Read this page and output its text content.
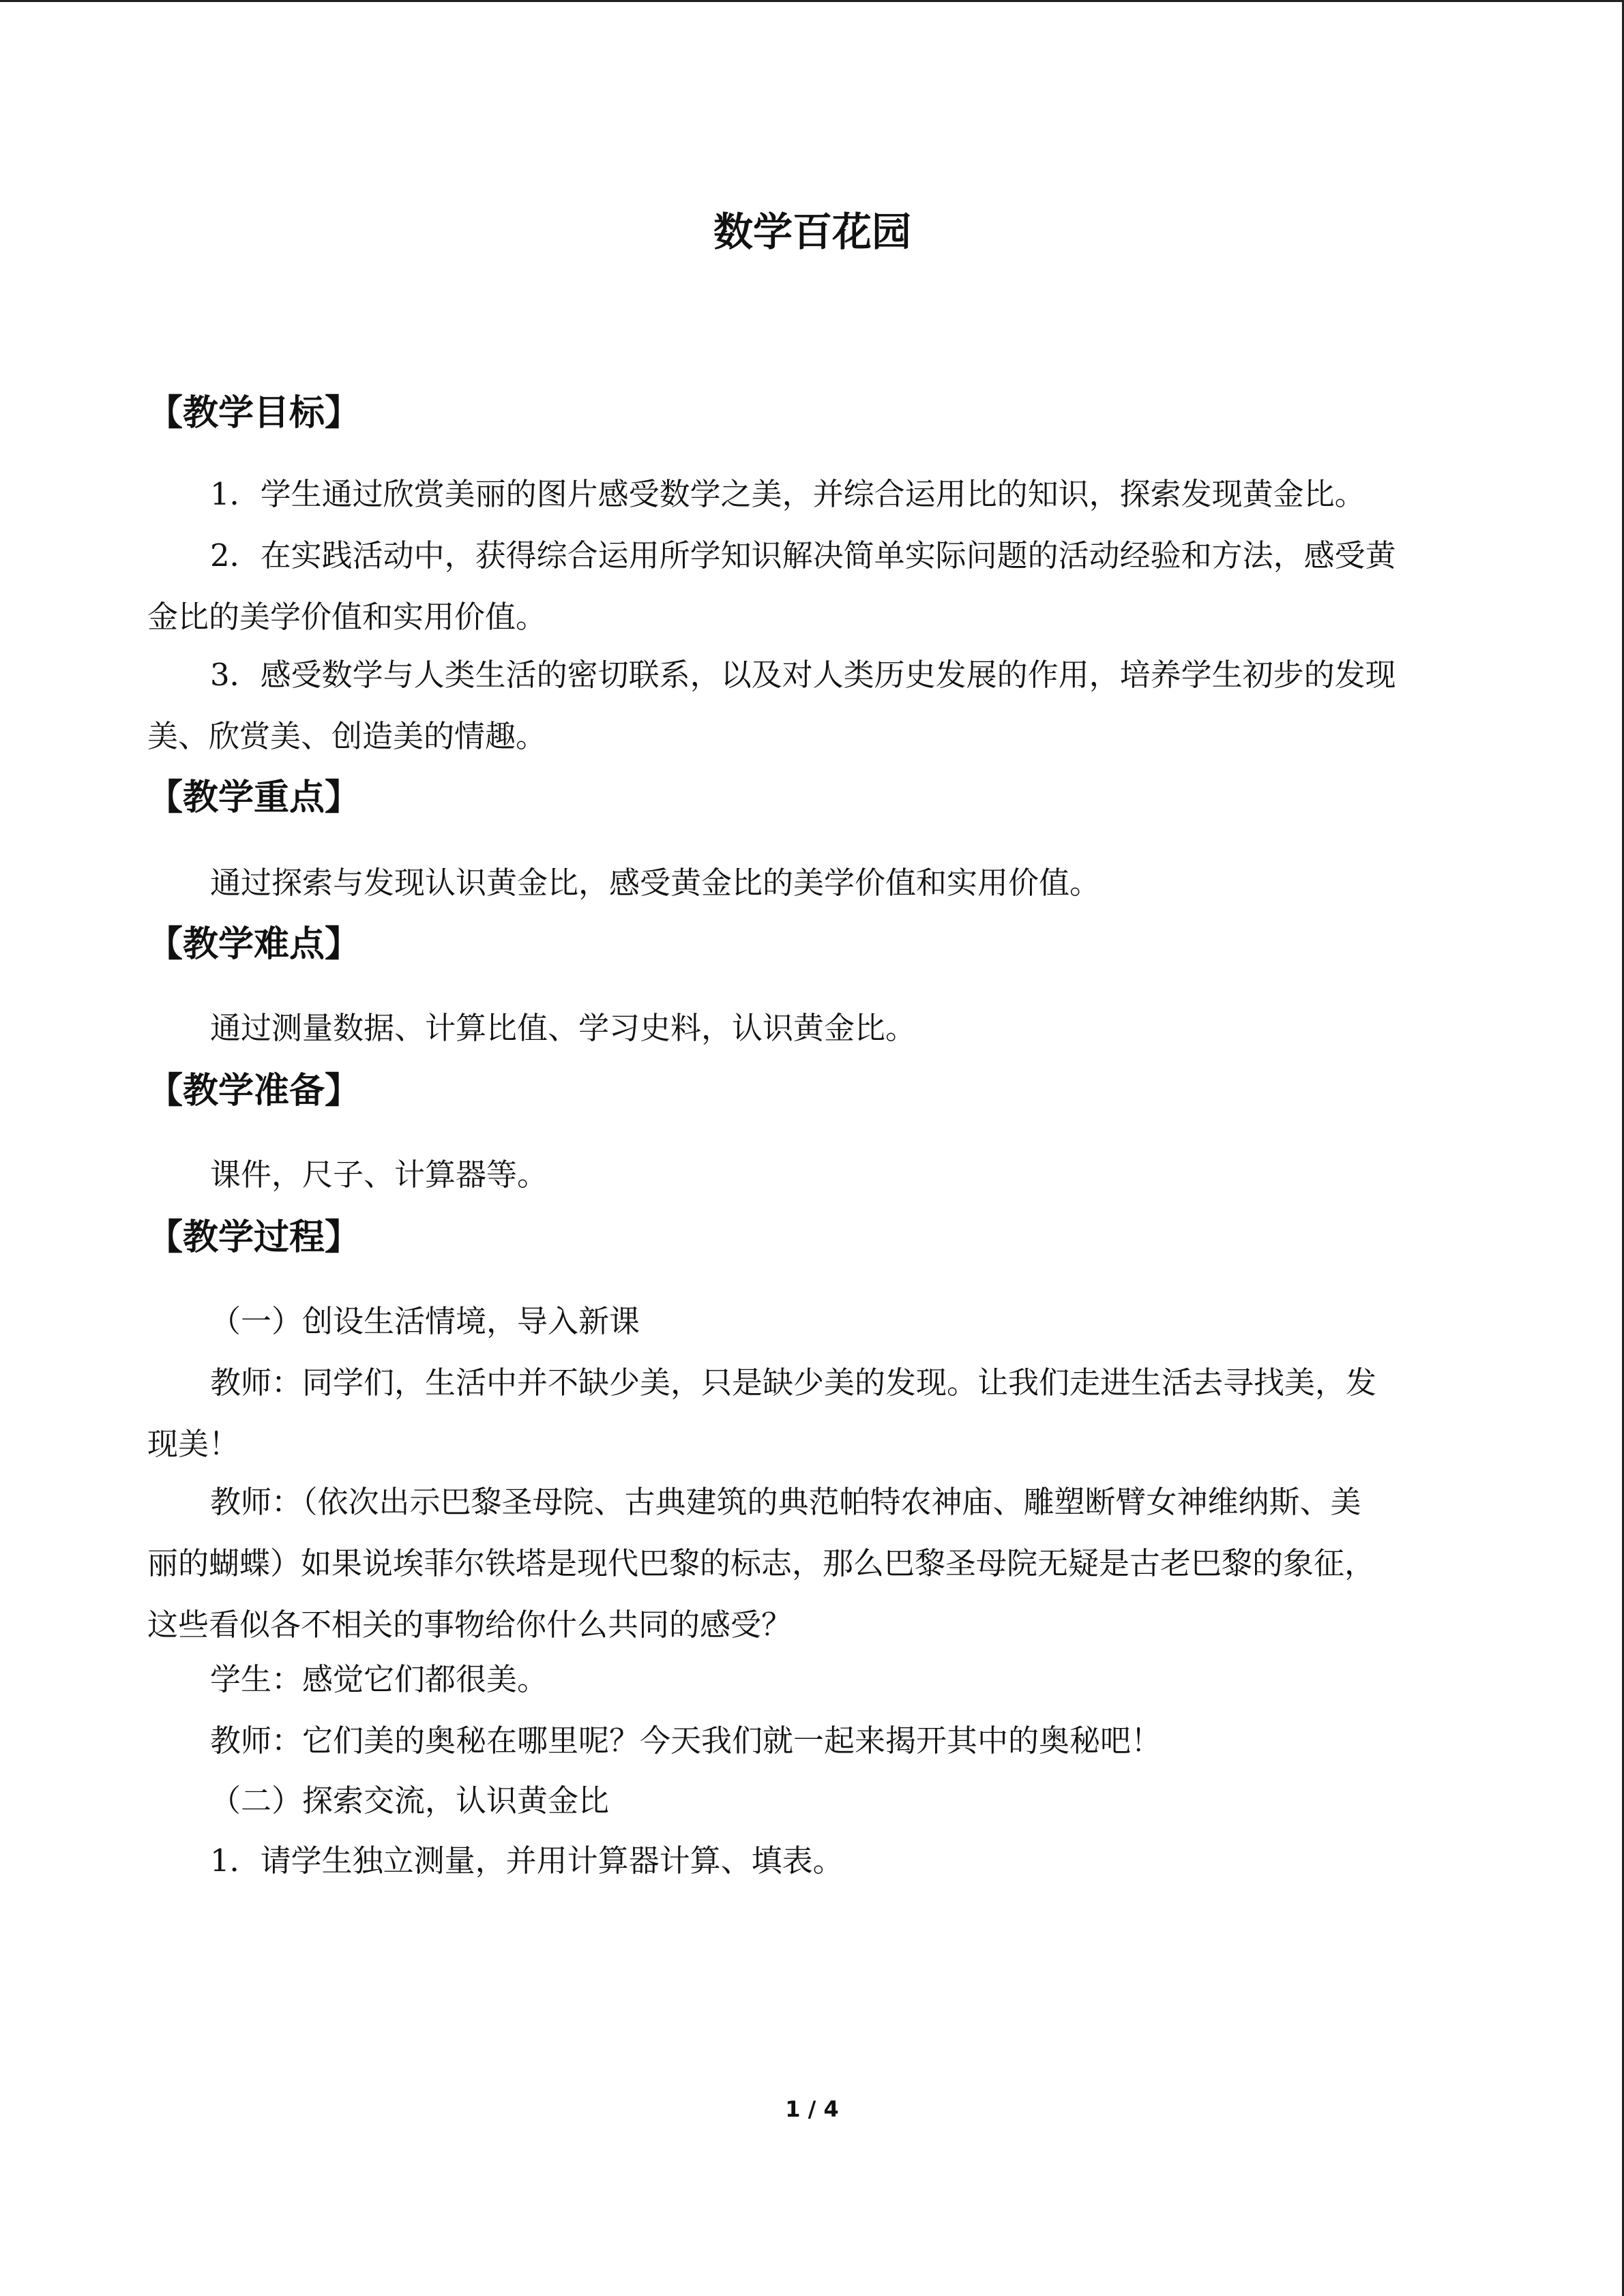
数学百花园
【教学目标】
1．学生通过欣赏美丽的图片感受数学之美，并综合运用比的知识，探索发现黄金比。
2．在实践活动中，获得综合运用所学知识解决简单实际问题的活动经验和方法，感受黄
金比的美学价值和实用价值。
3．感受数学与人类生活的密切联系，以及对人类历史发展的作用，培养学生初步的发现
美、欣赏美、创造美的情趣。
【教学重点】
通过探索与发现认识黄金比，感受黄金比的美学价值和实用价值。
【教学难点】
通过测量数据、计算比值、学习史料，认识黄金比。
【教学准备】
课件，尺子、计算器等。
【教学过程】
（一）创设生活情境，导入新课
教师：同学们，生活中并不缺少美，只是缺少美的发现。让我们走进生活去寻找美，发
现美！
教师：（依次出示巴黎圣母院、古典建筑的典范帕特农神庙、雕塑断臂女神维纳斯、美
丽的蝴蝶）如果说埃菲尔铁塔是现代巴黎的标志，那么巴黎圣母院无疑是古老巴黎的象征，
这些看似各不相关的事物给你什么共同的感受？
学生：感觉它们都很美。
教师：它们美的奥秘在哪里呢？今天我们就一起来揭开其中的奥秘吧！
（二）探索交流，认识黄金比
1．请学生独立测量，并用计算器计算、填表。
1 / 4
